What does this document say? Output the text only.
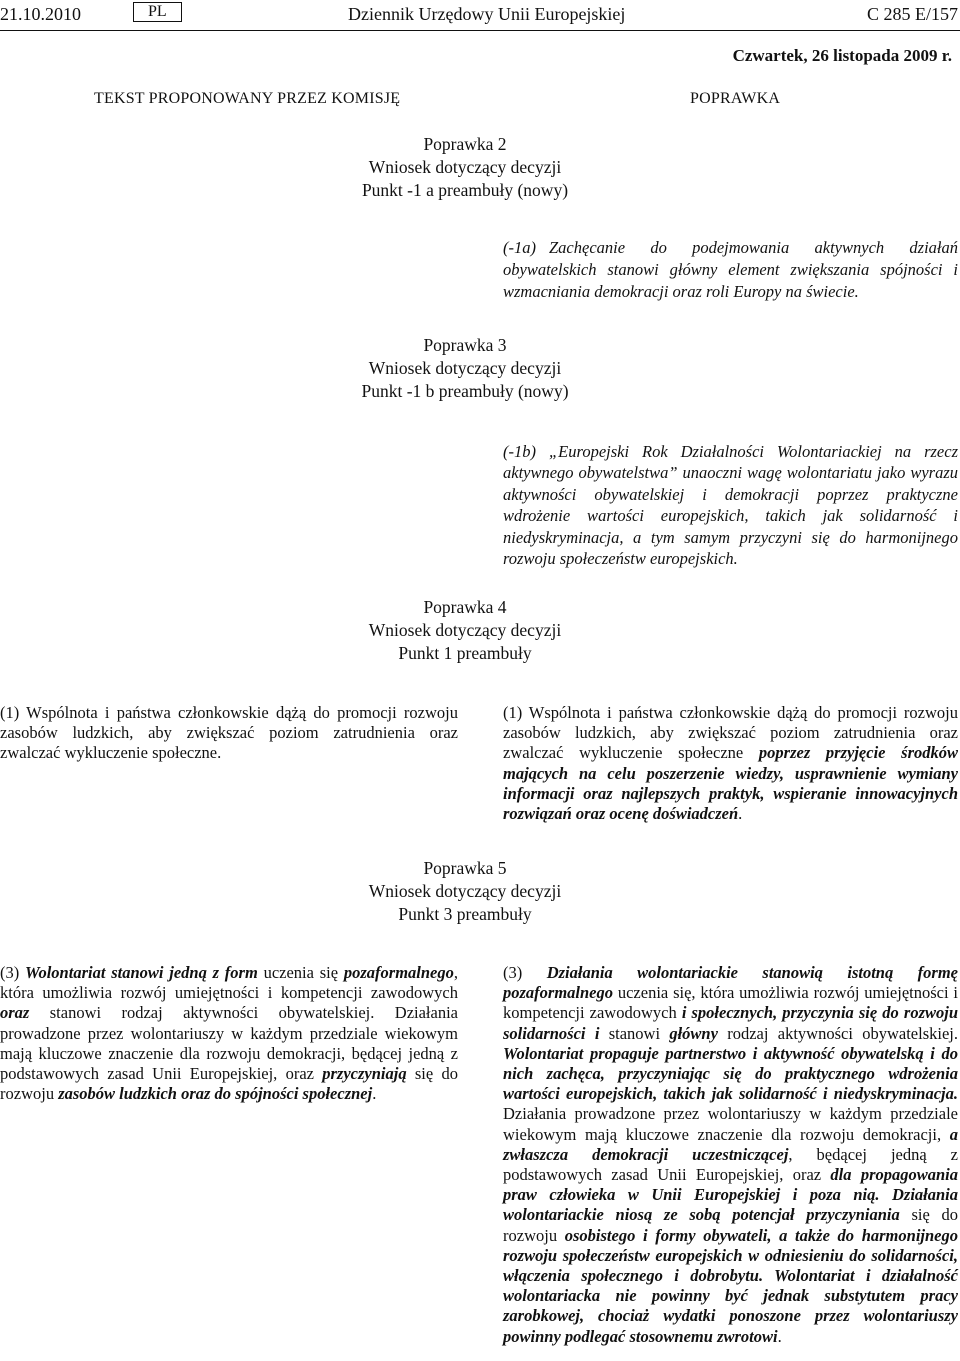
21.10.2010	PL	Dziennik Urzędowy Unii Europejskiej	C 285 E/157
Czwartek, 26 listopada 2009 r.
TEKST PROPONOWANY PRZEZ KOMISJĘ	POPRAWKA
Poprawka 2
Wniosek dotyczący decyzji
Punkt -1 a preambuły (nowy)
(-1a) Zachęcanie do podejmowania aktywnych działań obywatelskich stanowi główny element zwiększania spójności i wzmacniania demokracji oraz roli Europy na świecie.
Poprawka 3
Wniosek dotyczący decyzji
Punkt -1 b preambuły (nowy)
(-1b) „Europejski Rok Działalności Wolontariackiej na rzecz aktywnego obywatelstwa” unaoczni wagę wolontariatu jako wyrazu aktywności obywatelskiej i demokracji poprzez praktyczne wdrożenie wartości europejskich, takich jak solidarność i niedyskryminacja, a tym samym przyczyni się do harmonijnego rozwoju społeczeństw europejskich.
Poprawka 4
Wniosek dotyczący decyzji
Punkt 1 preambuły
(1) Wspólnota i państwa członkowskie dążą do promocji rozwoju zasobów ludzkich, aby zwiększać poziom zatrudnienia oraz zwalczać wykluczenie społeczne.
(1) Wspólnota i państwa członkowskie dążą do promocji rozwoju zasobów ludzkich, aby zwiększać poziom zatrudnienia oraz zwalczać wykluczenie społeczne poprzez przyjęcie środków mających na celu poszerzenie wiedzy, usprawnienie wymiany informacji oraz najlepszych praktyk, wspieranie innowacyjnych rozwiązań oraz ocenę doświadczeń.
Poprawka 5
Wniosek dotyczący decyzji
Punkt 3 preambuły
(3) Wolontariat stanowi jedną z form uczenia się pozaformalnego, która umożliwia rozwój umiejętności i kompetencji zawodowych oraz stanowi rodzaj aktywności obywatelskiej. Działania prowadzone przez wolontariuszy w każdym przedziale wiekowym mają kluczowe znaczenie dla rozwoju demokracji, będącej jedną z podstawowych zasad Unii Europejskiej, oraz przyczyniają się do rozwoju zasobów ludzkich oraz do spójności społecznej.
(3) Działania wolontariackie stanowią istotną formę pozaformalnego uczenia się, która umożliwia rozwój umiejętności i kompetencji zawodowych i społecznych, przyczynia się do rozwoju solidarności i stanowi główny rodzaj aktywności obywatelskiej. Wolontariat propaguje partnerstwo i aktywność obywatelską i do nich zachęca, przyczyniając się do praktycznego wdrożenia wartości europejskich, takich jak solidarność i niedyskryminacja. Działania prowadzone przez wolontariuszy w każdym przedziale wiekowym mają kluczowe znaczenie dla rozwoju demokracji, a zwłaszcza demokracji uczestniczącej, będącej jedną z podstawowych zasad Unii Europejskiej, oraz dla propagowania praw człowieka w Unii Europejskiej i poza nią. Działania wolontariackie niosą ze sobą potencjał przyczyniania się do rozwoju osobistego i formy obywateli, a także do harmonijnego rozwoju społeczeństw europejskich w odniesieniu do solidarności, włączenia społecznego i dobrobytu. Wolontariat i działalność wolontariacka nie powinny być jednak substytutem pracy zarobkowej, chociaż wydatki ponoszone przez wolontariuszy powinny podlegać stosownemu zwrotowi.
